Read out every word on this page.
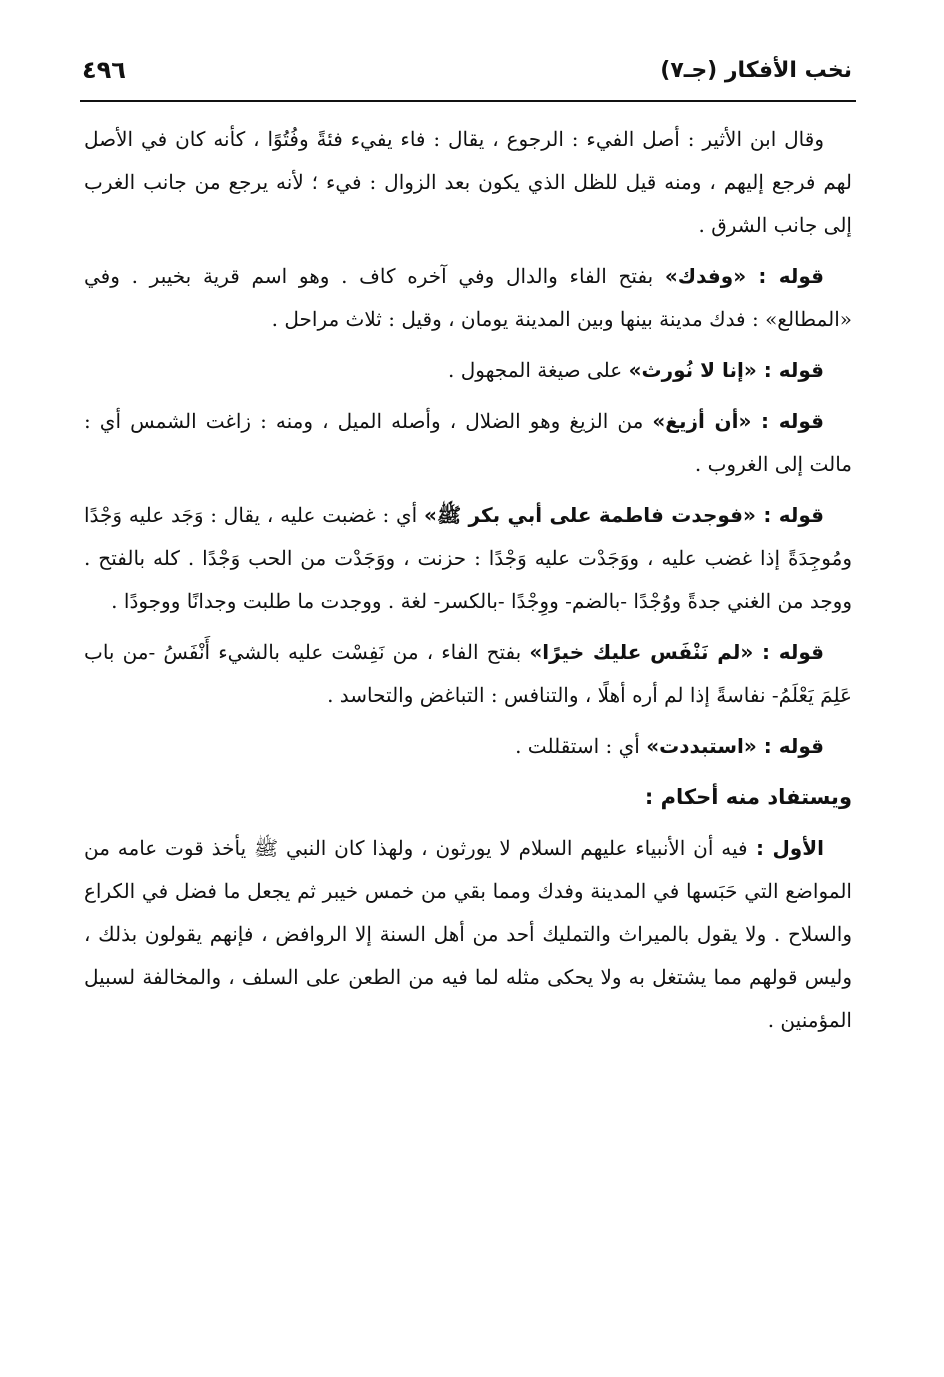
نخب الأفكار (جـ٧)
٤٩٦

وقال ابن الأثير : أصل الفيء : الرجوع ، يقال : فاء يفيء فئةً وفُتُوًا ، كأنه كان في الأصل لهم فرجع إليهم ، ومنه قيل للظل الذي يكون بعد الزوال : فيء ؛ لأنه يرجع من جانب الغرب إلى جانب الشرق .

قوله : «وفدك» بفتح الفاء والدال وفي آخره كاف . وهو اسم قرية بخيبر . وفي «المطالع» : فدك مدينة بينها وبين المدينة يومان ، وقيل : ثلاث مراحل .

قوله : «إنا لا نُورث» على صيغة المجهول .

قوله : «أن أزيغ» من الزيغ وهو الضلال ، وأصله الميل ، ومنه : زاغت الشمس أي : مالت إلى الغروب .

قوله : «فوجدت فاطمة على أبي بكر ﷺ» أي : غضبت عليه ، يقال : وَجَد عليه وَجْدًا ومُوجِدَةً إذا غضب عليه ، ووَجَدْت عليه وَجْدًا : حزنت ، ووَجَدْت من الحب وَجْدًا . كله بالفتح . ووجد من الغني جدةً ووُجْدًا -بالضم- ووِجْدًا -بالكسر- لغة . ووجدت ما طلبت وجدانًا ووجودًا .

قوله : «لم نَنْفَس عليك خيرًا» بفتح الفاء ، من نَفِسْت عليه بالشيء أَنْفَسُ -من باب عَلِمَ يَعْلَمُ- نفاسةً إذا لم أره أهلًا ، والتنافس : التباغض والتحاسد .

قوله : «استبددت» أي : استقللت .

ويستفاد منه أحكام :

الأول : فيه أن الأنبياء عليهم السلام لا يورثون ، ولهذا كان النبي ﷺ يأخذ قوت عامه من المواضع التي حَبَسها في المدينة وفدك ومما بقي من خمس خيبر ثم يجعل ما فضل في الكراع والسلاح . ولا يقول بالميراث والتمليك أحد من أهل السنة إلا الروافض ، فإنهم يقولون بذلك ، وليس قولهم مما يشتغل به ولا يحكى مثله لما فيه من الطعن على السلف ، والمخالفة لسبيل المؤمنين .
